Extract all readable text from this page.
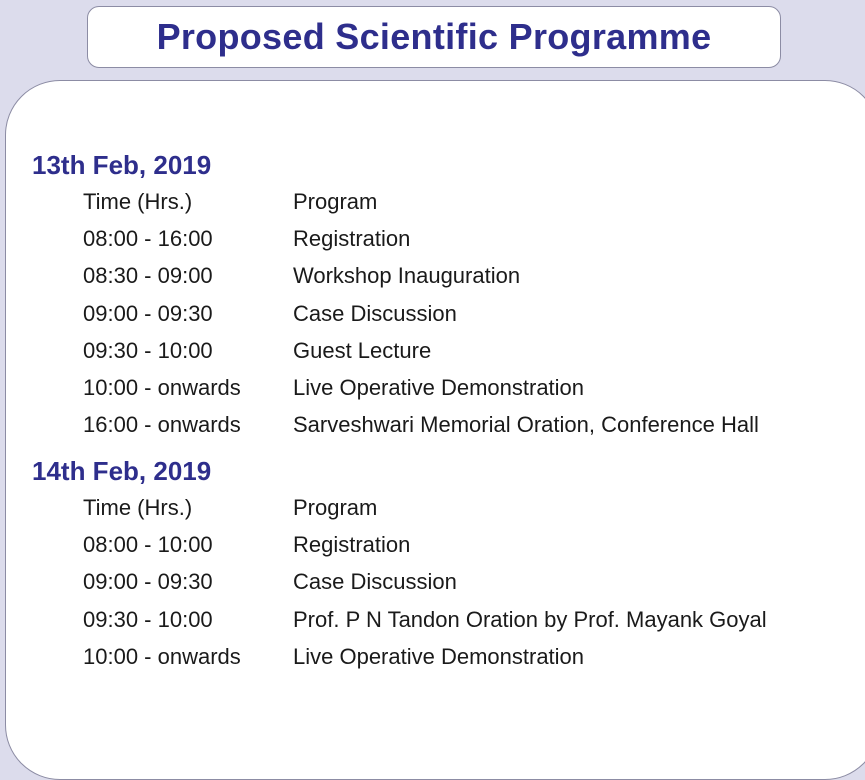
Proposed Scientific Programme
13th Feb, 2019
Time (Hrs.)	Program
08:00 - 16:00	Registration
08:30 - 09:00	Workshop Inauguration
09:00 - 09:30	Case Discussion
09:30 - 10:00	Guest Lecture
10:00 - onwards Live Operative Demonstration
16:00 - onwards Sarveshwari Memorial Oration, Conference Hall
14th Feb, 2019
Time (Hrs.)	Program
08:00 - 10:00	Registration
09:00 - 09:30	Case Discussion
09:30 - 10:00	Prof. P N Tandon Oration by Prof. Mayank Goyal
10:00 - onwards Live Operative Demonstration
